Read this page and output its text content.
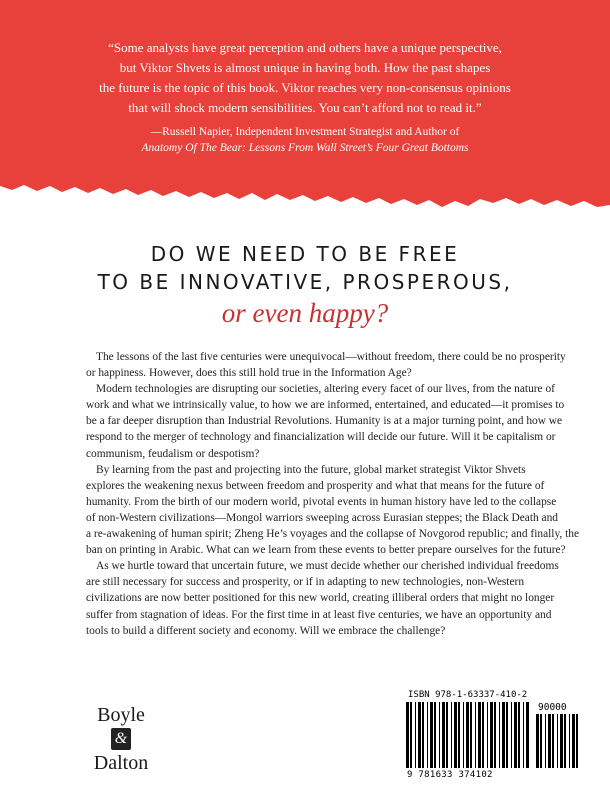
“Some analysts have great perception and others have a unique perspective,
but Viktor Shvets is almost unique in having both. How the past shapes
the future is the topic of this book. Viktor reaches very non-consensus opinions
that will shock modern sensibilities. You can’t afford not to read it.”
—Russell Napier, Independent Investment Strategist and Author of
Anatomy Of The Bear: Lessons From Wall Street’s Four Great Bottoms
DO WE NEED TO BE FREE
TO BE INNOVATIVE, PROSPEROUS,
or even happy?
The lessons of the last five centuries were unequivocal—without freedom, there could be no prosperity
or happiness. However, does this still hold true in the Information Age?
Modern technologies are disrupting our societies, altering every facet of our lives, from the nature of
work and what we intrinsically value, to how we are informed, entertained, and educated—it promises to
be a far deeper disruption than Industrial Revolutions. Humanity is at a major turning point, and how we
respond to the merger of technology and financialization will decide our future. Will it be capitalism or
communism, feudalism or despotism?
By learning from the past and projecting into the future, global market strategist Viktor Shvets
explores the weakening nexus between freedom and prosperity and what that means for the future of
humanity. From the birth of our modern world, pivotal events in human history have led to the collapse
of non-Western civilizations—Mongol warriors sweeping across Eurasian steppes; the Black Death and
a re-awakening of human spirit; Zheng He’s voyages and the collapse of Novgorod republic; and finally, the
ban on printing in Arabic. What can we learn from these events to better prepare ourselves for the future?
As we hurtle toward that uncertain future, we must decide whether our cherished individual freedoms
are still necessary for success and prosperity, or if in adapting to new technologies, non-Western
civilizations are now better positioned for this new world, creating illiberal orders that might no longer
suffer from stagnation of ideas. For the first time in at least five centuries, we have an opportunity and
tools to build a different society and economy. Will we embrace the challenge?
Boyle
&
Dalton
ISBN 978-1-63337-410-2
90000
9 781633 374102
